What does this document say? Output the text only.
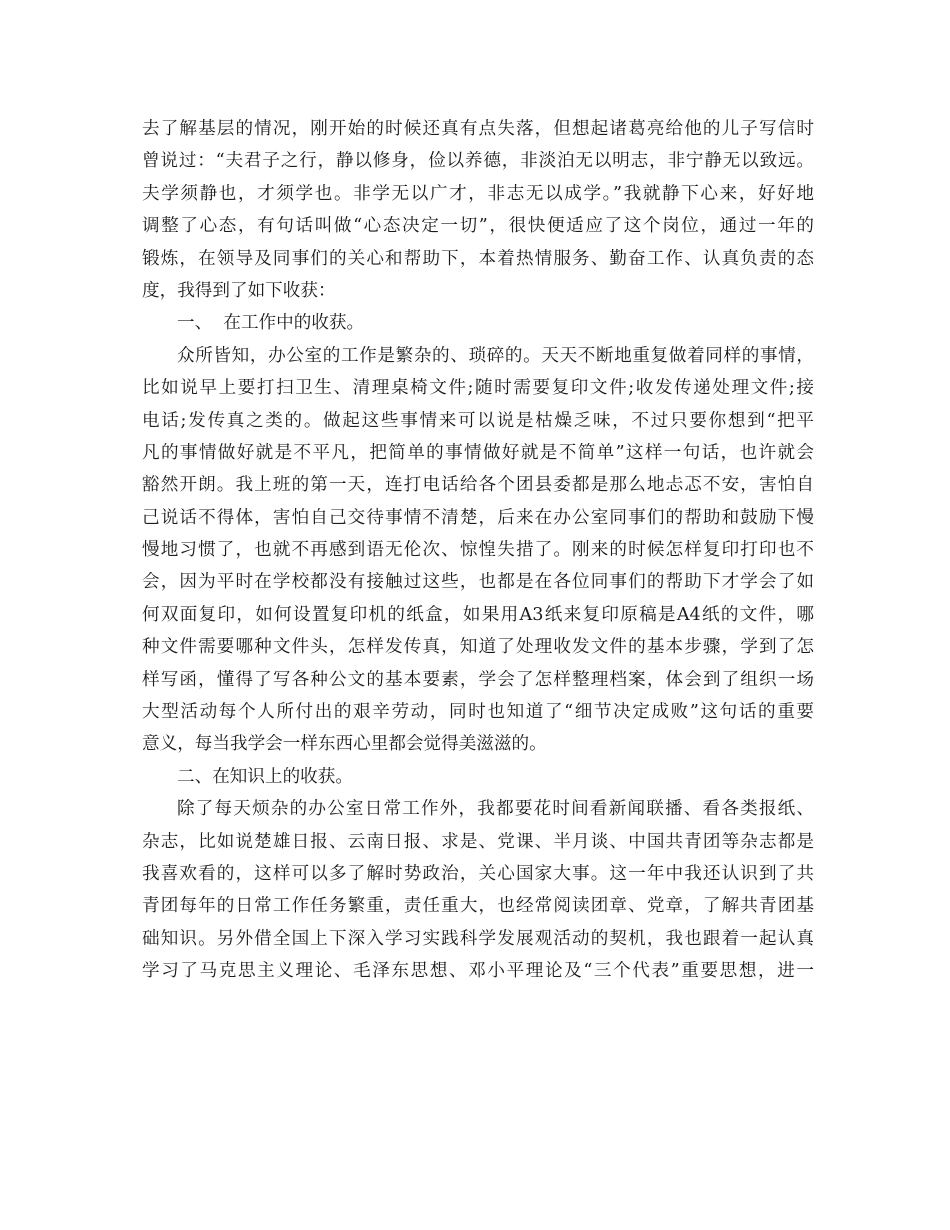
去了解基层的情况，刚开始的时候还真有点失落，但想起诸葛亮给他的儿子写信时
曾说过：“夫君子之行，静以修身，俭以养德，非淡泊无以明志，非宁静无以致远。
夫学须静也，才须学也。非学无以广才，非志无以成学。”我就静下心来，好好地
调整了心态，有句话叫做“心态决定一切”，很快便适应了这个岗位，通过一年的
锻炼，在领导及同事们的关心和帮助下，本着热情服务、勤奋工作、认真负责的态
度，我得到了如下收获：
一、  在工作中的收获。
众所皆知，办公室的工作是繁杂的、琐碎的。天天不断地重复做着同样的事情，
比如说早上要打扫卫生、清理桌椅文件;随时需要复印文件;收发传递处理文件;接
电话;发传真之类的。做起这些事情来可以说是枯燥乏味，不过只要你想到“把平
凡的事情做好就是不平凡，把简单的事情做好就是不简单”这样一句话，也许就会
豁然开朗。我上班的第一天，连打电话给各个团县委都是那么地忐忑不安，害怕自
己说话不得体，害怕自己交待事情不清楚，后来在办公室同事们的帮助和鼓励下慢
慢地习惯了，也就不再感到语无伦次、惊惶失措了。刚来的时候怎样复印打印也不
会，因为平时在学校都没有接触过这些，也都是在各位同事们的帮助下才学会了如
何双面复印，如何设置复印机的纸盒，如果用A3纸来复印原稿是A4纸的文件，哪
种文件需要哪种文件头，怎样发传真，知道了处理收发文件的基本步骤，学到了怎
样写函，懂得了写各种公文的基本要素，学会了怎样整理档案，体会到了组织一场
大型活动每个人所付出的艰辛劳动，同时也知道了“细节决定成败”这句话的重要
意义，每当我学会一样东西心里都会觉得美滋滋的。
二、在知识上的收获。
除了每天烦杂的办公室日常工作外，我都要花时间看新闻联播、看各类报纸、
杂志，比如说楚雄日报、云南日报、求是、党课、半月谈、中国共青团等杂志都是
我喜欢看的，这样可以多了解时势政治，关心国家大事。这一年中我还认识到了共
青团每年的日常工作任务繁重，责任重大，也经常阅读团章、党章，了解共青团基
础知识。另外借全国上下深入学习实践科学发展观活动的契机，我也跟着一起认真
学习了马克思主义理论、毛泽东思想、邓小平理论及“三个代表”重要思想，进一
